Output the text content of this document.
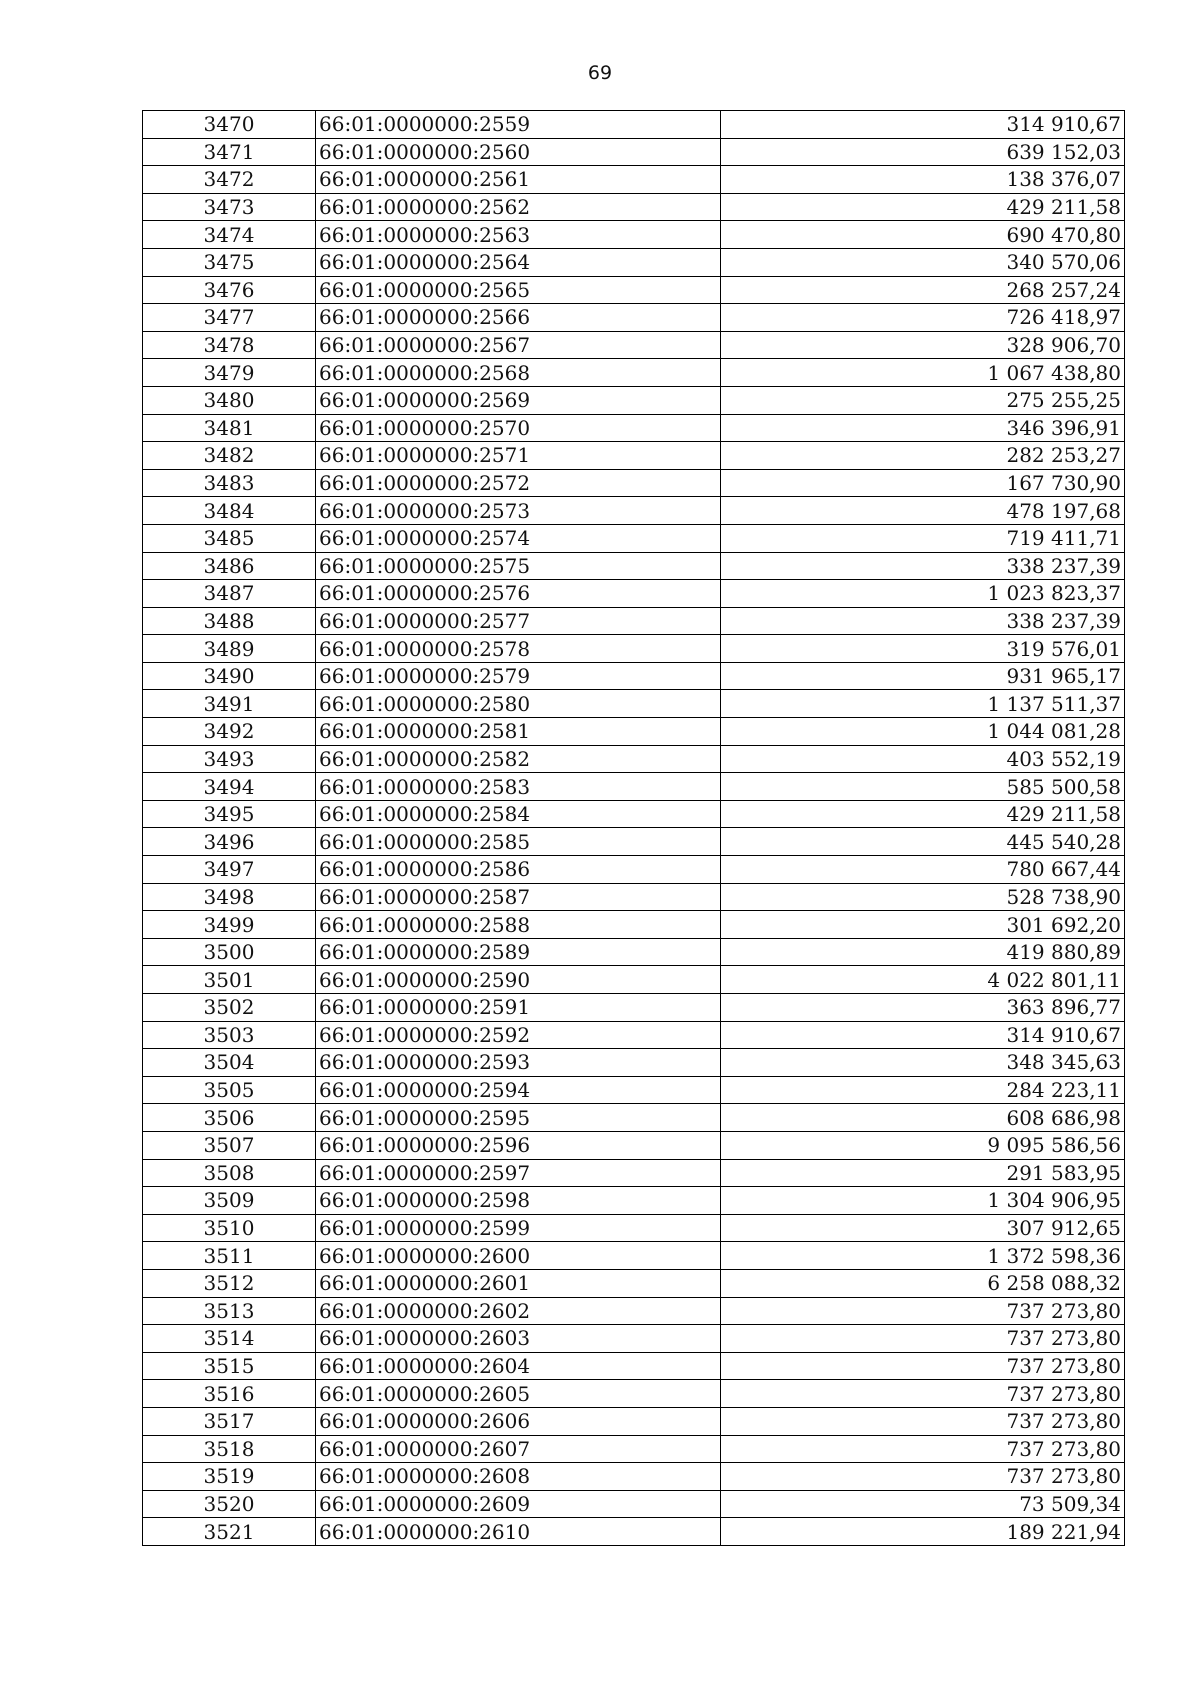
69
3470	66:01:0000000:2559	314 910,67
3471	66:01:0000000:2560	639 152,03
3472	66:01:0000000:2561	138 376,07
3473	66:01:0000000:2562	429 211,58
3474	66:01:0000000:2563	690 470,80
3475	66:01:0000000:2564	340 570,06
3476	66:01:0000000:2565	268 257,24
3477	66:01:0000000:2566	726 418,97
3478	66:01:0000000:2567	328 906,70
3479	66:01:0000000:2568	1 067 438,80
3480	66:01:0000000:2569	275 255,25
3481	66:01:0000000:2570	346 396,91
3482	66:01:0000000:2571	282 253,27
3483	66:01:0000000:2572	167 730,90
3484	66:01:0000000:2573	478 197,68
3485	66:01:0000000:2574	719 411,71
3486	66:01:0000000:2575	338 237,39
3487	66:01:0000000:2576	1 023 823,37
3488	66:01:0000000:2577	338 237,39
3489	66:01:0000000:2578	319 576,01
3490	66:01:0000000:2579	931 965,17
3491	66:01:0000000:2580	1 137 511,37
3492	66:01:0000000:2581	1 044 081,28
3493	66:01:0000000:2582	403 552,19
3494	66:01:0000000:2583	585 500,58
3495	66:01:0000000:2584	429 211,58
3496	66:01:0000000:2585	445 540,28
3497	66:01:0000000:2586	780 667,44
3498	66:01:0000000:2587	528 738,90
3499	66:01:0000000:2588	301 692,20
3500	66:01:0000000:2589	419 880,89
3501	66:01:0000000:2590	4 022 801,11
3502	66:01:0000000:2591	363 896,77
3503	66:01:0000000:2592	314 910,67
3504	66:01:0000000:2593	348 345,63
3505	66:01:0000000:2594	284 223,11
3506	66:01:0000000:2595	608 686,98
3507	66:01:0000000:2596	9 095 586,56
3508	66:01:0000000:2597	291 583,95
3509	66:01:0000000:2598	1 304 906,95
3510	66:01:0000000:2599	307 912,65
3511	66:01:0000000:2600	1 372 598,36
3512	66:01:0000000:2601	6 258 088,32
3513	66:01:0000000:2602	737 273,80
3514	66:01:0000000:2603	737 273,80
3515	66:01:0000000:2604	737 273,80
3516	66:01:0000000:2605	737 273,80
3517	66:01:0000000:2606	737 273,80
3518	66:01:0000000:2607	737 273,80
3519	66:01:0000000:2608	737 273,80
3520	66:01:0000000:2609	73 509,34
3521	66:01:0000000:2610	189 221,94
